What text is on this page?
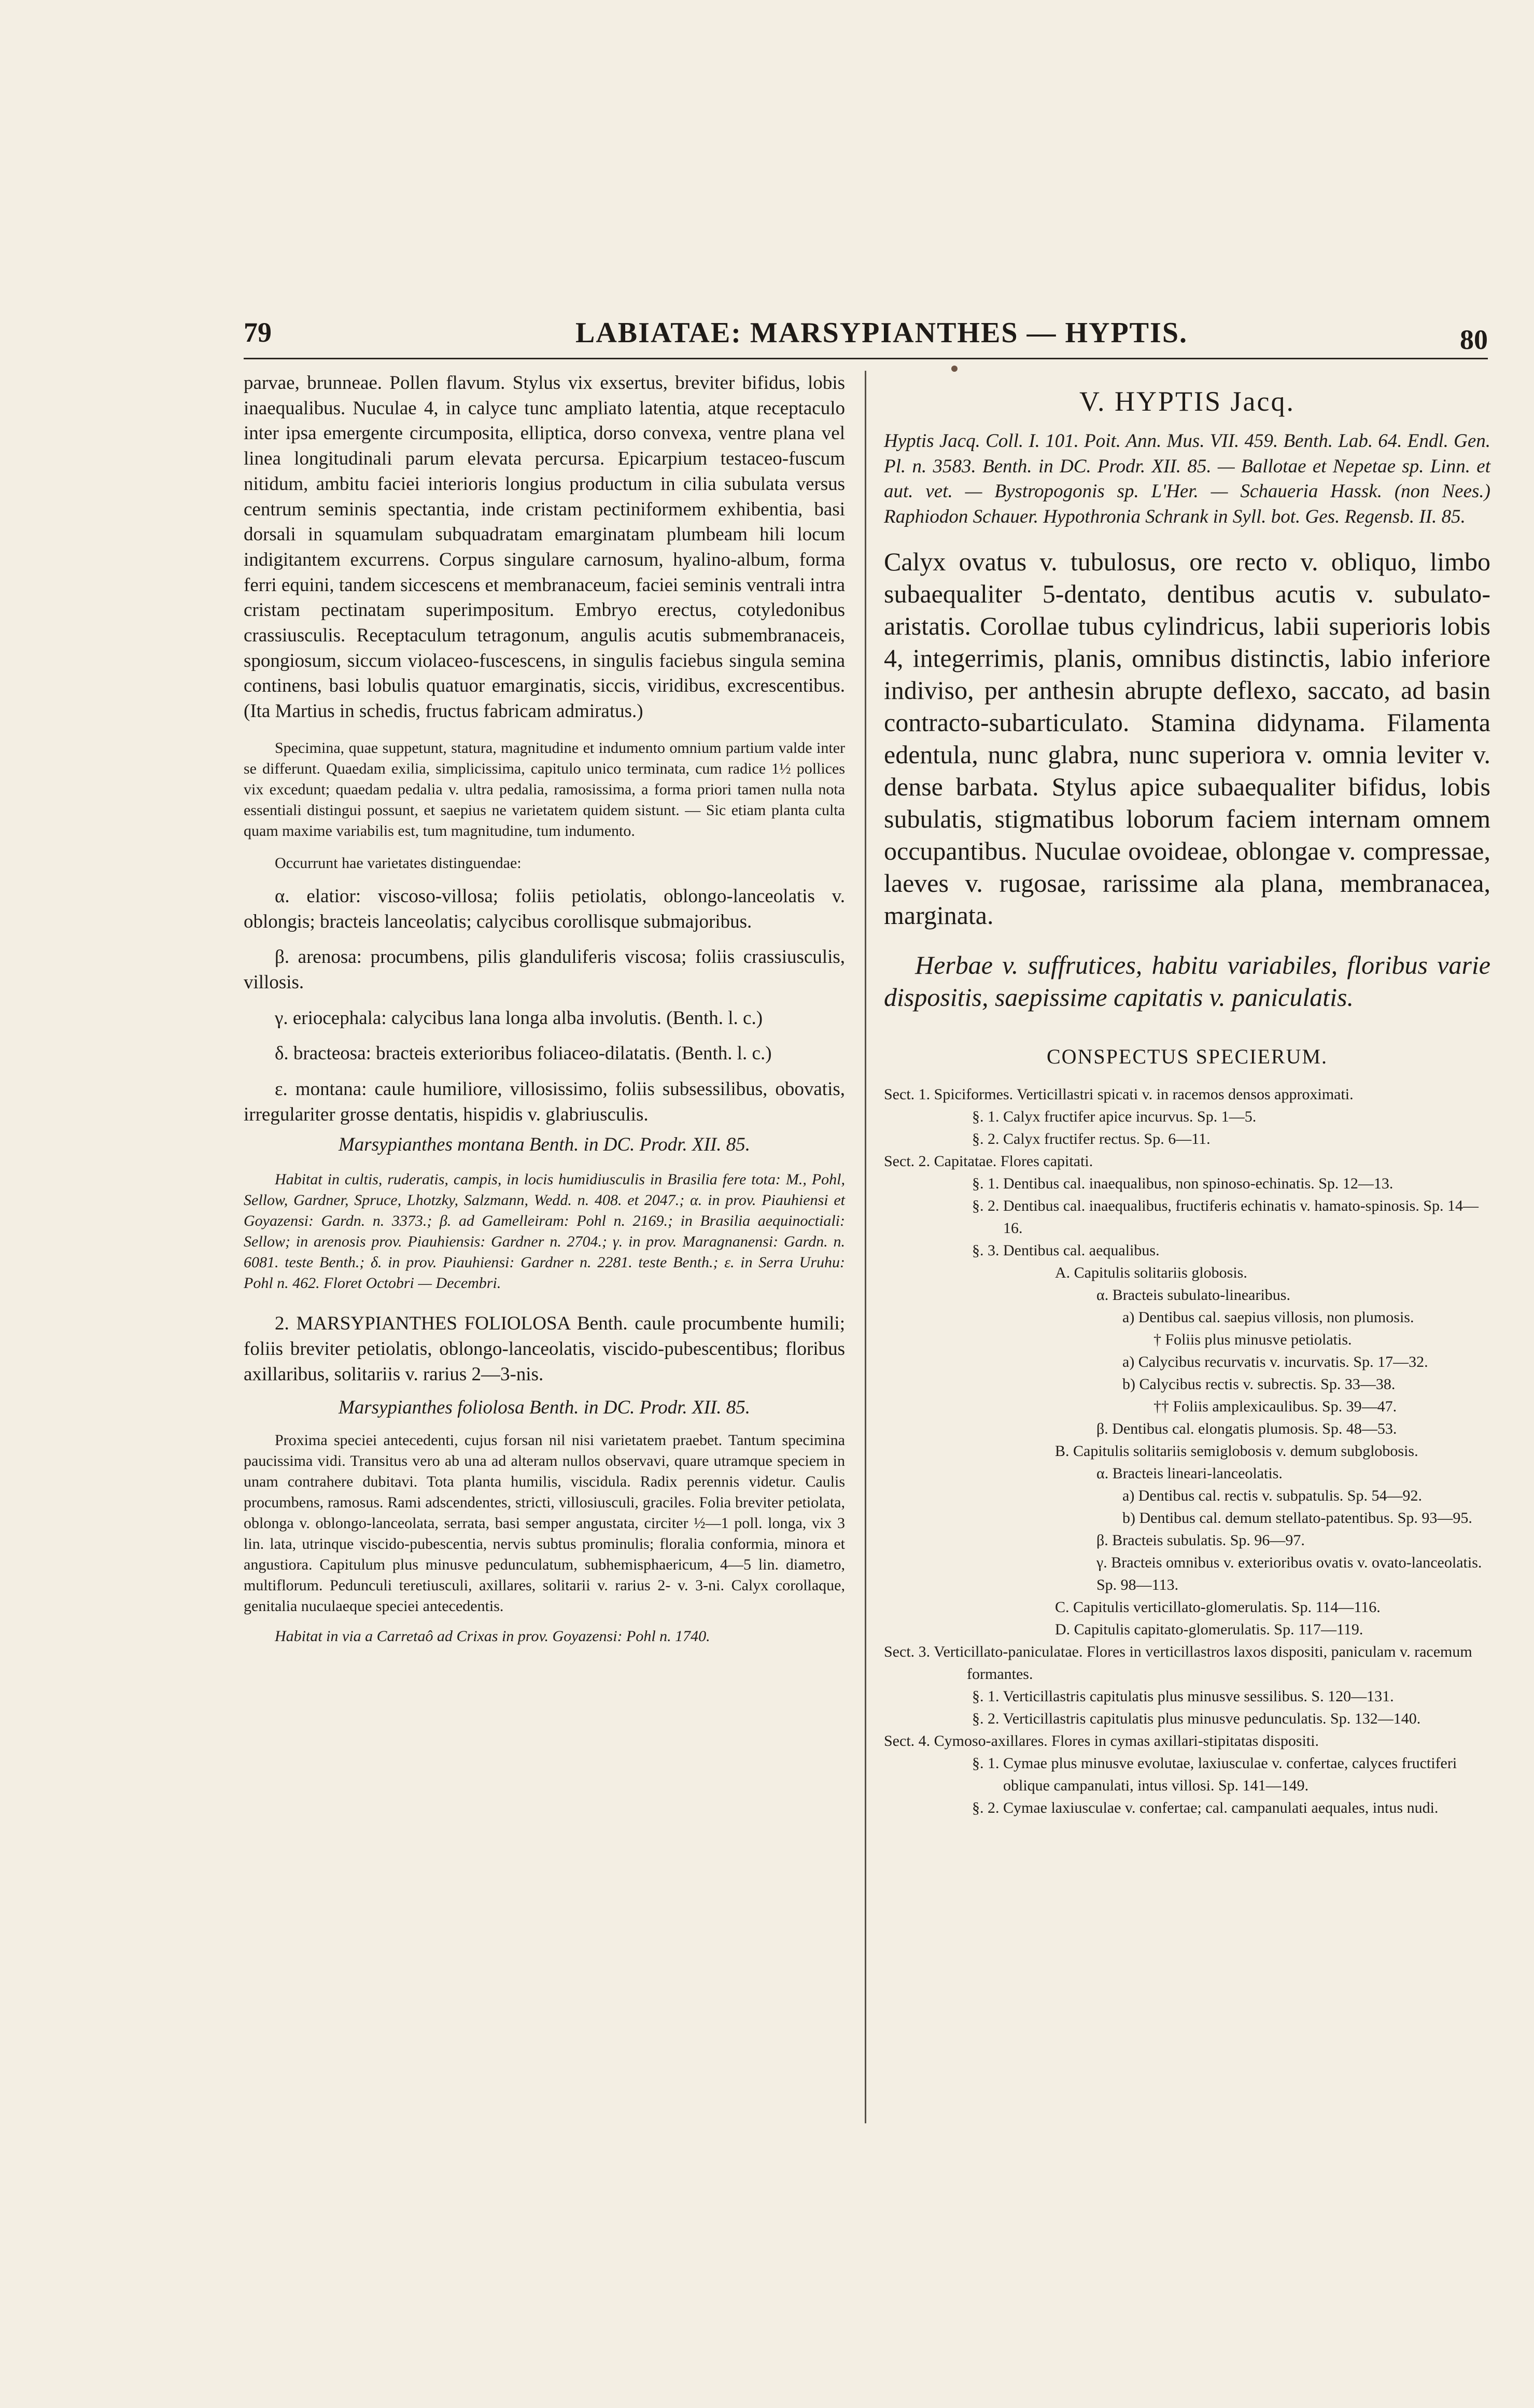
79	LABIATAE: MARSYPIANTHES — HYPTIS.	80

parvae, brunneae. Pollen flavum. Stylus vix exsertus, breviter bifidus, lobis inaequalibus. Nuculae 4, in calyce tunc ampliato latentia, atque receptaculo inter ipsa emergente circumposita, ellipticа, dorso convexa, ventre plana vel linea longitudinali parum elevata percursa. Epicarpium testaceo-fuscum nitidum, ambitu faciei interioris longius productum in cilia subulata versus centrum seminis spectantia, inde cristam pectiniformem exhibentia, basi dorsali in squamulam subquadratam emarginatam plumbeam hili locum indigitantem excurrens. Corpus singulare carnosum, hyalino-album, forma ferri equini, tandem siccescens et membranaceum, faciei seminis ventrali intra cristam pectinatam superimpositum. Embryo erectus, cotyledonibus crassiusculis. Receptaculum tetragonum, angulis acutis submembranaceis, spongiosum, siccum violaceo-fuscescens, in singulis faciebus singula semina continens, basi lobulis quatuor emarginatis, siccis, viridibus, excrescentibus. (Ita Martius in schedis, fructus fabricam admiratus.)

Specimina, quae suppetunt, statura, magnitudine et indumento omnium partium valde inter se differunt. Quaedam exilia, simplicissima, capitulo unico terminata, cum radice 1½ pollices vix excedunt; quaedam pedalia v. ultra pedalia, ramosissima, a forma priori tamen nulla nota essentiali distingui possunt, et saepius ne varietatem quidem sistunt. — Sic etiam planta culta quam maxime variabilis est, tum magnitudine, tum indumento.

Occurrunt hae varietates distinguendae:

α. elatior: viscoso-villosa; foliis petiolatis, oblongo-lanceolatis v. oblongis; bracteis lanceolatis; calycibus corollisque submajoribus.

β. arenosa: procumbens, pilis glanduliferis viscosa; foliis crassiusculis, villosis.

γ. eriocephala: calycibus lana longa alba involutis. (Benth. l. c.)

δ. bracteosa: bracteis exterioribus foliaceo-dilatatis. (Benth. l. c.)

ε. montana: caule humiliore, villosissimo, foliis subsessilibus, obovatis, irregulariter grosse dentatis, hispidis v. glabriusculis.

Marsypianthes montana Benth. in DC. Prodr. XII. 85.

Habitat in cultis, ruderatis, campis, in locis humidiusculis in Brasilia fere tota: M., Pohl, Sellow, Gardner, Spruce, Lhotzky, Salzmann, Wedd. n. 408. et 2047.; α. in prov. Piauhiensi et Goyazensi: Gardn. n. 3373.; β. ad Gamelleiram: Pohl n. 2169.; in Brasilia aequinoctiali: Sellow; in arenosis prov. Piauhiensis: Gardner n. 2704.; γ. in prov. Maragnanensi: Gardn. n. 6081. teste Benth.; δ. in prov. Piauhiensi: Gardner n. 2281. teste Benth.; ε. in Serra Uruhu: Pohl n. 462. Floret Octobri — Decembri.

2. MARSYPIANTHES FOLIOLOSA Benth. caule procumbente humili; foliis breviter petiolatis, oblongo-lanceolatis, viscido-pubescentibus; floribus axillaribus, solitariis v. rarius 2—3-nis.

Marsypianthes foliolosa Benth. in DC. Prodr. XII. 85.

Proxima speciei antecedenti, cujus forsan nil nisi varietatem praebet. Tantum specimina paucissima vidi. Transitus vero ab una ad alteram nullos observavi, quare utramque speciem in unam contrahere dubitavi. Tota planta humilis, viscidula. Radix perennis videtur. Caulis procumbens, ramosus. Rami adscendentes, stricti, villosiusculi, graciles. Folia breviter petiolata, oblonga v. oblongo-lanceolata, serrata, basi semper angustata, circiter ½—1 poll. longa, vix 3 lin. lata, utrinque viscido-pubescentia, nervis subtus prominulis; floralia conformia, minora et angustiora. Capitulum plus minusve pedunculatum, subhemisphaericum, 4—5 lin. diametro, multiflorum. Pedunculi teretiusculi, axillares, solitarii v. rarius 2- v. 3-ni. Calyx corollaque, genitalia nuculaeque speciei antecedentis.

Habitat in via a Carretaô ad Crixas in prov. Goyazensi: Pohl n. 1740.

V. HYPTIS Jacq.

Hyptis Jacq. Coll. I. 101. Poit. Ann. Mus. VII. 459. Benth. Lab. 64. Endl. Gen. Pl. n. 3583. Benth. in DC. Prodr. XII. 85. — Ballotae et Nepetae sp. Linn. et aut. vet. — Bystropogonis sp. L'Her. — Schaueria Hassk. (non Nees.) Raphiodon Schauer. Hypothronia Schrank in Syll. bot. Ges. Regensb. II. 85.

Calyx ovatus v. tubulosus, ore recto v. obliquo, limbo subaequaliter 5-dentato, dentibus acutis v. subulato-aristatis. Corollae tubus cylindricus, labii superioris lobis 4, integerrimis, planis, omnibus distinctis, labio inferiore indiviso, per anthesin abrupte deflexo, saccato, ad basin contracto-subarticulato. Stamina didynama. Filamenta edentula, nunc glabra, nunc superiora v. omnia leviter v. dense barbata. Stylus apice subaequaliter bifidus, lobis subulatis, stigmatibus loborum faciem internam omnem occupantibus. Nuculae ovoideae, oblongae v. compressae, laeves v. rugosae, rarissime ala plana, membranacea, marginata.

Herbae v. suffrutices, habitu variabiles, floribus varie dispositis, saepissime capitatis v. paniculatis.

CONSPECTUS SPECIERUM.

Sect. 1. Spiciformes. Verticillastri spicati v. in racemos densos approximati.

§. 1. Calyx fructifer apice incurvus. Sp. 1—5.

§. 2. Calyx fructifer rectus. Sp. 6—11.

Sect. 2. Capitatae. Flores capitati.

§. 1. Dentibus cal. inaequalibus, non spinoso-echinatis. Sp. 12—13.

§. 2. Dentibus cal. inaequalibus, fructiferis echinatis v. hamato-spinosis. Sp. 14—16.

§. 3. Dentibus cal. aequalibus.

A. Capitulis solitariis globosis.

α. Bracteis subulato-linearibus.

a) Dentibus cal. saepius villosis, non plumosis.

† Foliis plus minusve petiolatis.

a) Calycibus recurvatis v. incurvatis. Sp. 17—32.

b) Calycibus rectis v. subrectis. Sp. 33—38.

†† Foliis amplexicaulibus. Sp. 39—47.

β. Dentibus cal. elongatis plumosis. Sp. 48—53.

B. Capitulis solitariis semiglobosis v. demum subglobosis.

α. Bracteis lineari-lanceolatis.

a) Dentibus cal. rectis v. subpatulis. Sp. 54—92.

b) Dentibus cal. demum stellato-patentibus. Sp. 93—95.

β. Bracteis subulatis. Sp. 96—97.

γ. Bracteis omnibus v. exterioribus ovatis v. ovato-lanceolatis. Sp. 98—113.

C. Capitulis verticillato-glomerulatis. Sp. 114—116.

D. Capitulis capitato-glomerulatis. Sp. 117—119.

Sect. 3. Verticillato-paniculatae. Flores in verticillastros laxos dispositi, paniculam v. racemum formantes.

§. 1. Verticillastris capitulatis plus minusve sessilibus. S. 120—131.

§. 2. Verticillastris capitulatis plus minusve pedunculatis. Sp. 132—140.

Sect. 4. Cymoso-axillares. Flores in cymas axillari-stipitatas dispositi.

§. 1. Cymae plus minusve evolutae, laxiusculae v. confertae, calyces fructiferi oblique campanulati, intus villosi. Sp. 141—149.

§. 2. Cymae laxiusculae v. confertae; cal. campanulati aequales, intus nudi.
